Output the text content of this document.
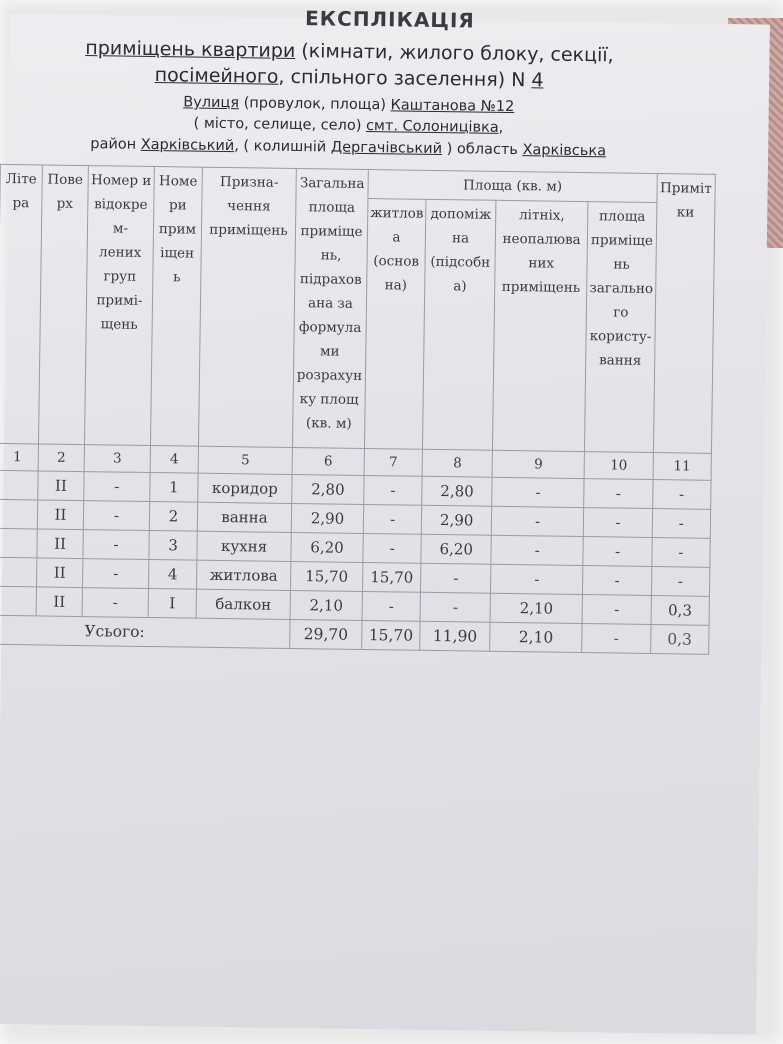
ЕКСПЛІКАЦІЯ
приміщень квартири (кімнати, жилого блоку, секції,
посімейного, спільного заселення) N 4
Вулиця (провулок, площа) Каштанова №12
( місто, селище, село) смт. Солоницівка,
район Харківський, ( колишній Дергачівський ) область Харківська
Літе ра	Пове рх	Номер и відокре м- лених груп примі- щень	Номе ри прим іщен ь	Призна- чення приміщень	Загальна площа приміще нь, підрахов ана за формула ми розрахун ку площ (кв. м)	Площа (кв. м)				Приміт ки
						житлов а (основ на)	допоміж на (підсобн а)	літніх, неопалюва них приміщень	площа приміще нь загально го користу- вання	
1	2	3	4	5	6	7	8	9	10	11
	II	-	1	коридор	2,80	-	2,80	-	-	-
	II	-	2	ванна	2,90	-	2,90	-	-	-
	II	-	3	кухня	6,20	-	6,20	-	-	-
	II	-	4	житлова	15,70	15,70	-	-	-	-
	II	-	I	балкон	2,10	-	-	2,10	-	0,3
Усього:					29,70	15,70	11,90	2,10	-	0,3
